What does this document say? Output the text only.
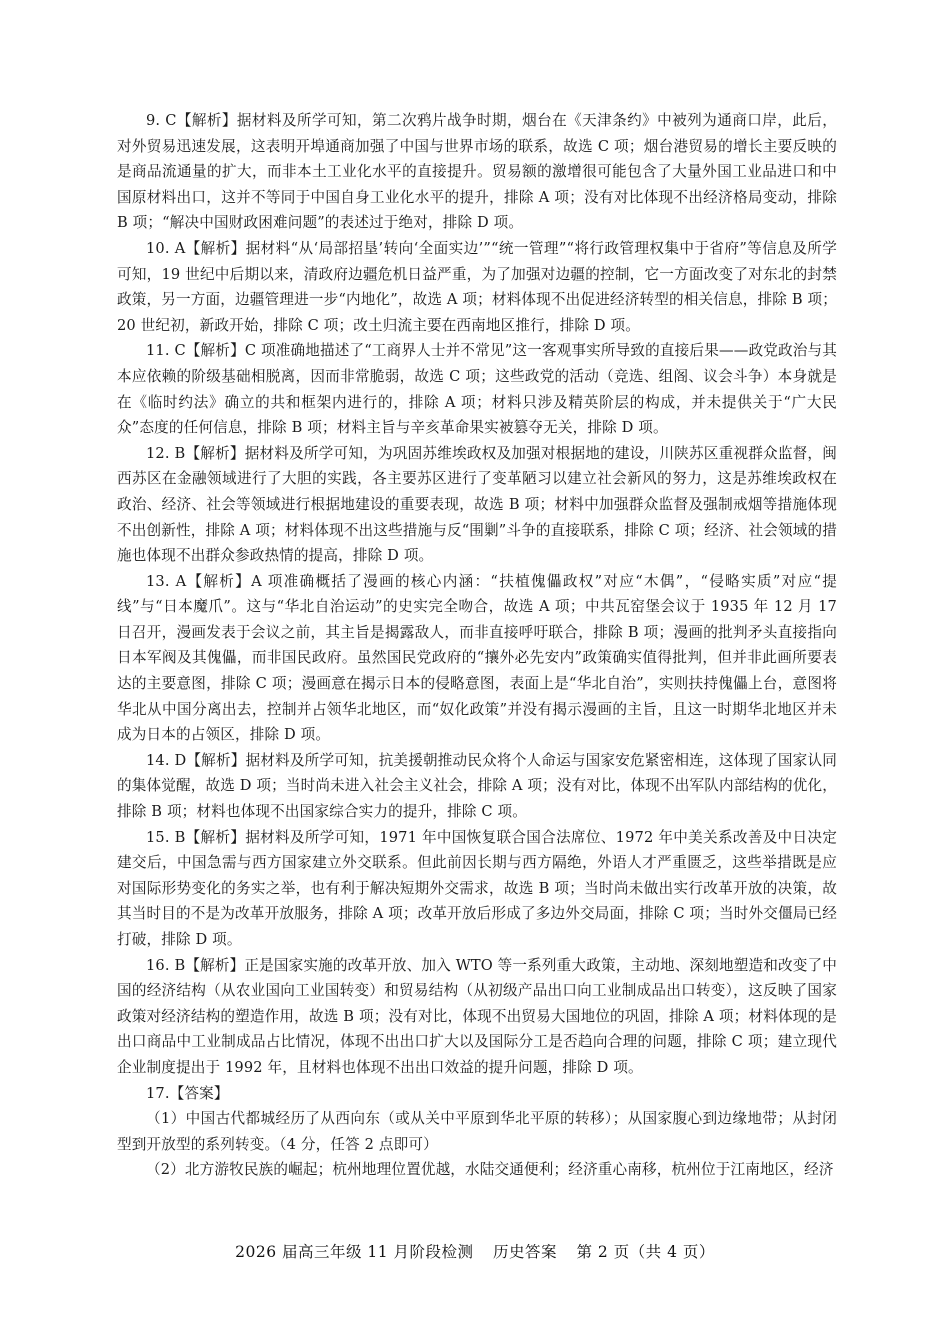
9. C【解析】据材料及所学可知，第二次鸦片战争时期，烟台在《天津条约》中被列为通商口岸，此后，对外贸易迅速发展，这表明开埠通商加强了中国与世界市场的联系，故选 C 项；烟台港贸易的增长主要反映的是商品流通量的扩大，而非本土工业化水平的直接提升。贸易额的激增很可能包含了大量外国工业品进口和中国原材料出口，这并不等同于中国自身工业化水平的提升，排除 A 项；没有对比体现不出经济格局变动，排除 B 项；“解决中国财政困难问题”的表述过于绝对，排除 D 项。

10. A【解析】据材料“从‘局部招垦’转向‘全面实边’”“统一管理”“将行政管理权集中于省府”等信息及所学可知，19 世纪中后期以来，清政府边疆危机日益严重，为了加强对边疆的控制，它一方面改变了对东北的封禁政策，另一方面，边疆管理进一步“内地化”，故选 A 项；材料体现不出促进经济转型的相关信息，排除 B 项；20 世纪初，新政开始，排除 C 项；改土归流主要在西南地区推行，排除 D 项。

11. C【解析】C 项准确地描述了“工商界人士并不常见”这一客观事实所导致的直接后果——政党政治与其本应依赖的阶级基础相脱离，因而非常脆弱，故选 C 项；这些政党的活动（竞选、组阁、议会斗争）本身就是在《临时约法》确立的共和框架内进行的，排除 A 项；材料只涉及精英阶层的构成，并未提供关于“广大民众”态度的任何信息，排除 B 项；材料主旨与辛亥革命果实被篡夺无关，排除 D 项。

12. B【解析】据材料及所学可知，为巩固苏维埃政权及加强对根据地的建设，川陕苏区重视群众监督，闽西苏区在金融领域进行了大胆的实践，各主要苏区进行了变革陋习以建立社会新风的努力，这是苏维埃政权在政治、经济、社会等领域进行根据地建设的重要表现，故选 B 项；材料中加强群众监督及强制戒烟等措施体现不出创新性，排除 A 项；材料体现不出这些措施与反“围剿”斗争的直接联系，排除 C 项；经济、社会领域的措施也体现不出群众参政热情的提高，排除 D 项。

13. A【解析】A 项准确概括了漫画的核心内涵：“扶植傀儡政权”对应“木偶”，“侵略实质”对应“提线”与“日本魔爪”。这与“华北自治运动”的史实完全吻合，故选 A 项；中共瓦窑堡会议于 1935 年 12 月 17 日召开，漫画发表于会议之前，其主旨是揭露敌人，而非直接呼吁联合，排除 B 项；漫画的批判矛头直接指向日本军阀及其傀儡，而非国民政府。虽然国民党政府的“攘外必先安内”政策确实值得批判，但并非此画所要表达的主要意图，排除 C 项；漫画意在揭示日本的侵略意图，表面上是“华北自治”，实则扶持傀儡上台，意图将华北从中国分离出去，控制并占领华北地区，而“奴化政策”并没有揭示漫画的主旨，且这一时期华北地区并未成为日本的占领区，排除 D 项。

14. D【解析】据材料及所学可知，抗美援朝推动民众将个人命运与国家安危紧密相连，这体现了国家认同的集体觉醒，故选 D 项；当时尚未进入社会主义社会，排除 A 项；没有对比，体现不出军队内部结构的优化，排除 B 项；材料也体现不出国家综合实力的提升，排除 C 项。

15. B【解析】据材料及所学可知，1971 年中国恢复联合国合法席位、1972 年中美关系改善及中日决定建交后，中国急需与西方国家建立外交联系。但此前因长期与西方隔绝，外语人才严重匮乏，这些举措既是应对国际形势变化的务实之举，也有利于解决短期外交需求，故选 B 项；当时尚未做出实行改革开放的决策，故其当时目的不是为改革开放服务，排除 A 项；改革开放后形成了多边外交局面，排除 C 项；当时外交僵局已经打破，排除 D 项。

16. B【解析】正是国家实施的改革开放、加入 WTO 等一系列重大政策，主动地、深刻地塑造和改变了中国的经济结构（从农业国向工业国转变）和贸易结构（从初级产品出口向工业制成品出口转变），这反映了国家政策对经济结构的塑造作用，故选 B 项；没有对比，体现不出贸易大国地位的巩固，排除 A 项；材料体现的是出口商品中工业制成品占比情况，体现不出出口扩大以及国际分工是否趋向合理的问题，排除 C 项；建立现代企业制度提出于 1992 年，且材料也体现不出出口效益的提升问题，排除 D 项。

17.【答案】

（1）中国古代都城经历了从西向东（或从关中平原到华北平原的转移）；从国家腹心到边缘地带；从封闭型到开放型的系列转变。（4 分，任答 2 点即可）

（2）北方游牧民族的崛起；杭州地理位置优越，水陆交通便利；经济重心南移，杭州位于江南地区，经济

2026 届高三年级 11 月阶段检测 历史答案 第 2 页（共 4 页）
